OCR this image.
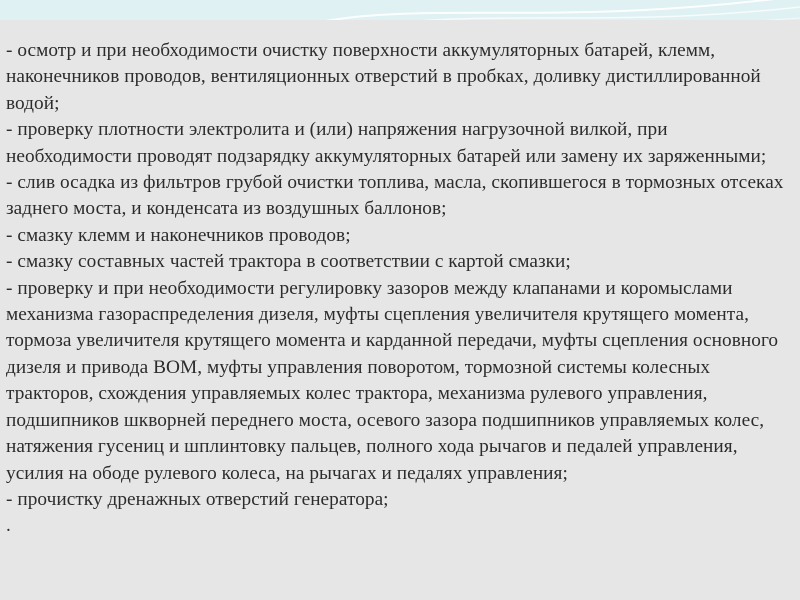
- осмотр и при необходимости очистку поверхности аккумуляторных батарей, клемм, наконечников проводов, вентиляционных отверстий в пробках, доливку дистиллированной водой;

- проверку плотности электролита и (или) напряжения нагрузочной вилкой, при необходимости проводят подзарядку аккумуляторных батарей или замену их заряженными;

- слив осадка из фильтров грубой очистки топлива, масла, скопившегося в тормозных отсеках заднего моста, и конденсата из воздушных баллонов;

- смазку клемм и наконечников проводов;

- смазку составных частей трактора в соответствии с картой смазки;

- проверку и при необходимости регулировку зазоров между клапанами и коромыслами механизма газораспределения дизеля, муфты сцепления увеличителя крутящего момента, тормоза увеличителя крутящего момента и карданной передачи, муфты сцепления основного дизеля и привода ВОМ, муфты управления поворотом, тормозной системы колесных тракторов, схождения управляемых колес трактора, механизма рулевого управления, подшипников шкворней переднего моста, осевого зазора подшипников управляемых колес, натяжения гусениц и шплинтовку пальцев, полного хода рычагов и педалей управления, усилия на ободе рулевого колеса, на рычагах и педалях управления;

- прочистку дренажных отверстий генератора;

.
